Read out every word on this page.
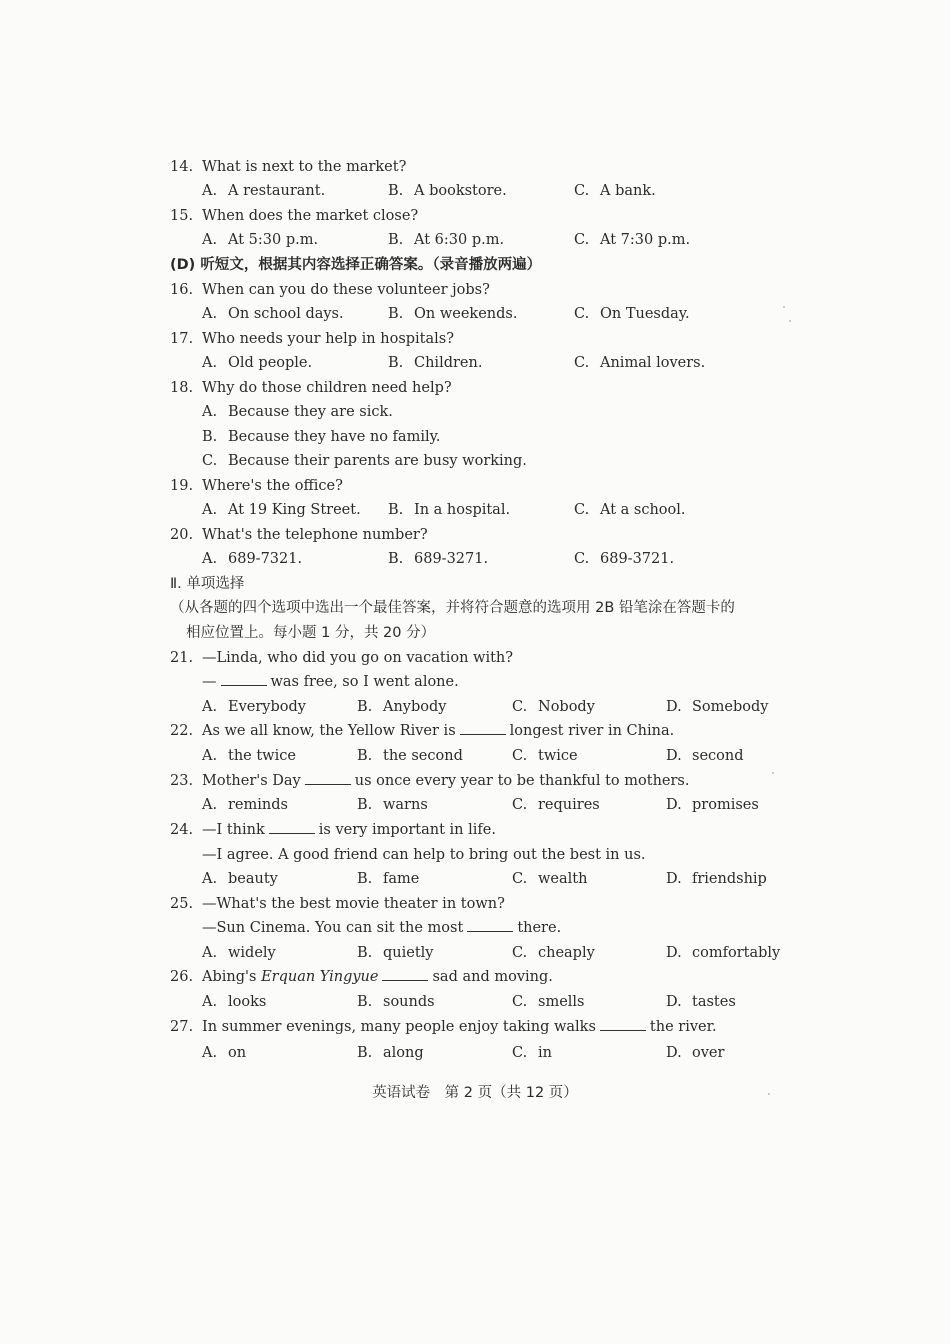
14. What is next to the market?
A. A restaurant.	B. A bookstore.	C. A bank.
15. When does the market close?
A. At 5:30 p.m.	B. At 6:30 p.m.	C. At 7:30 p.m.
(D) 听短文，根据其内容选择正确答案。（录音播放两遍）
16. When can you do these volunteer jobs?
A. On school days.	B. On weekends.	C. On Tuesday.
17. Who needs your help in hospitals?
A. Old people.	B. Children.	C. Animal lovers.
18. Why do those children need help?
A. Because they are sick.
B. Because they have no family.
C. Because their parents are busy working.
19. Where's the office?
A. At 19 King Street. B. In a hospital.	C. At a school.
20. What's the telephone number?
A. 689-7321.	B. 689-3271.	C. 689-3721.
Ⅱ. 单项选择
（从各题的四个选项中选出一个最佳答案，并将符合题意的选项用 2B 铅笔涂在答题卡的
相应位置上。每小题 1 分，共 20 分）
21. —Linda, who did you go on vacation with?
—	was free, so I went alone.
A. Everybody	B. Anybody	C. Nobody	D. Somebody
22. As we all know, the Yellow River is	longest river in China.
A. the twice	B. the second	C. twice	D. second
23. Mother's Day	us once every year to be thankful to mothers.
A. reminds	B. warns	C. requires	D. promises
24. —I think	is very important in life.
—I agree. A good friend can help to bring out the best in us.
A. beauty	B. fame	C. wealth	D. friendship
25. —What's the best movie theater in town?
—Sun Cinema. You can sit the most	there.
A. widely	B. quietly	C. cheaply	D. comfortably
26. Abing's Erquan Yingyue	sad and moving.
A. looks	B. sounds	C. smells	D. tastes
27. In summer evenings, many people enjoy taking walks	the river.
A. on	B. along	C. in	D. over
英语试卷　第 2 页（共 12 页）
